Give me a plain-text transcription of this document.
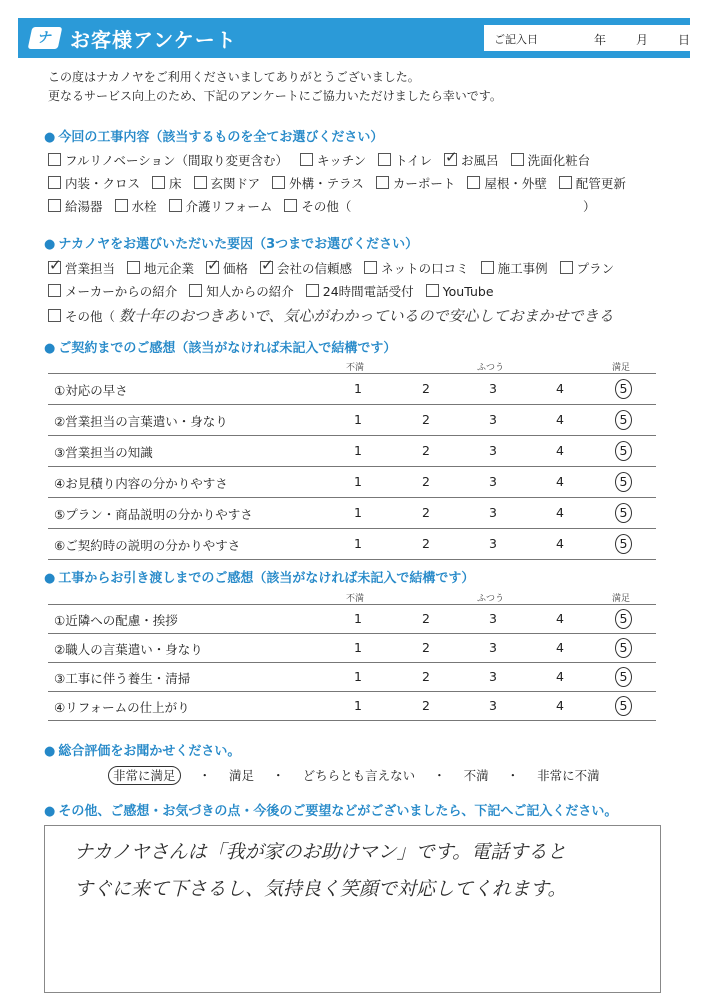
ナ お客様アンケート	ご記入日	年 月 日
この度はナカノヤをご利用くださいましてありがとうございました。
更なるサービス向上のため、下記のアンケートにご協力いただけましたら幸いです。
● 今回の工事内容（該当するものを全てお選びください）
フルリノベーション（間取り変更含む） キッチン トイレ ✓ お風呂 洗面化粧台
内装・クロス 床 玄関ドア 外構・テラス カーポート 屋根・外壁 配管更新
給湯器 水栓 介護リフォーム その他（	）
● ナカノヤをお選びいただいた要因（3つまでお選びください）
✓営業担当 地元企業 ✓ 価格 ✓ 会社の信頼感 ネットの口コミ 施工事例 プラン
メーカーからの紹介 知人からの紹介 24時間電話受付 YouTube
その他（ 数十年のおつきあいで、気心がわかっているので安心しておまかせできる
● ご契約までのご感想（該当がなければ未記入で結構です）
不満	ふつう	満足
①対応の早さ	1	2	3	4	5
②営業担当の言葉遣い・身なり	1	2	3	4	5
③営業担当の知識	1	2	3	4	5
④お見積り内容の分かりやすさ	1	2	3	4	5
⑤プラン・商品説明の分かりやすさ	1	2	3	4	5
⑥ご契約時の説明の分かりやすさ	1	2	3	4	5
● 工事からお引き渡しまでのご感想（該当がなければ未記入で結構です）
不満	ふつう	満足
①近隣への配慮・挨拶	1	2	3	4	5
②職人の言葉遣い・身なり	1	2	3	4	5
③工事に伴う養生・清掃	1	2	3	4	5
④リフォームの仕上がり	1	2	3	4	5
● 総合評価をお聞かせください。
非常に満足 ・ 満足 ・ どちらとも言えない ・ 不満 ・ 非常に不満
● その他、ご感想・お気づきの点・今後のご要望などがございましたら、下記へご記入ください。
ナカノヤさんは「我が家のお助けマン」です。電話すると
すぐに来て下さるし、気持良く笑顔で対応してくれます。
